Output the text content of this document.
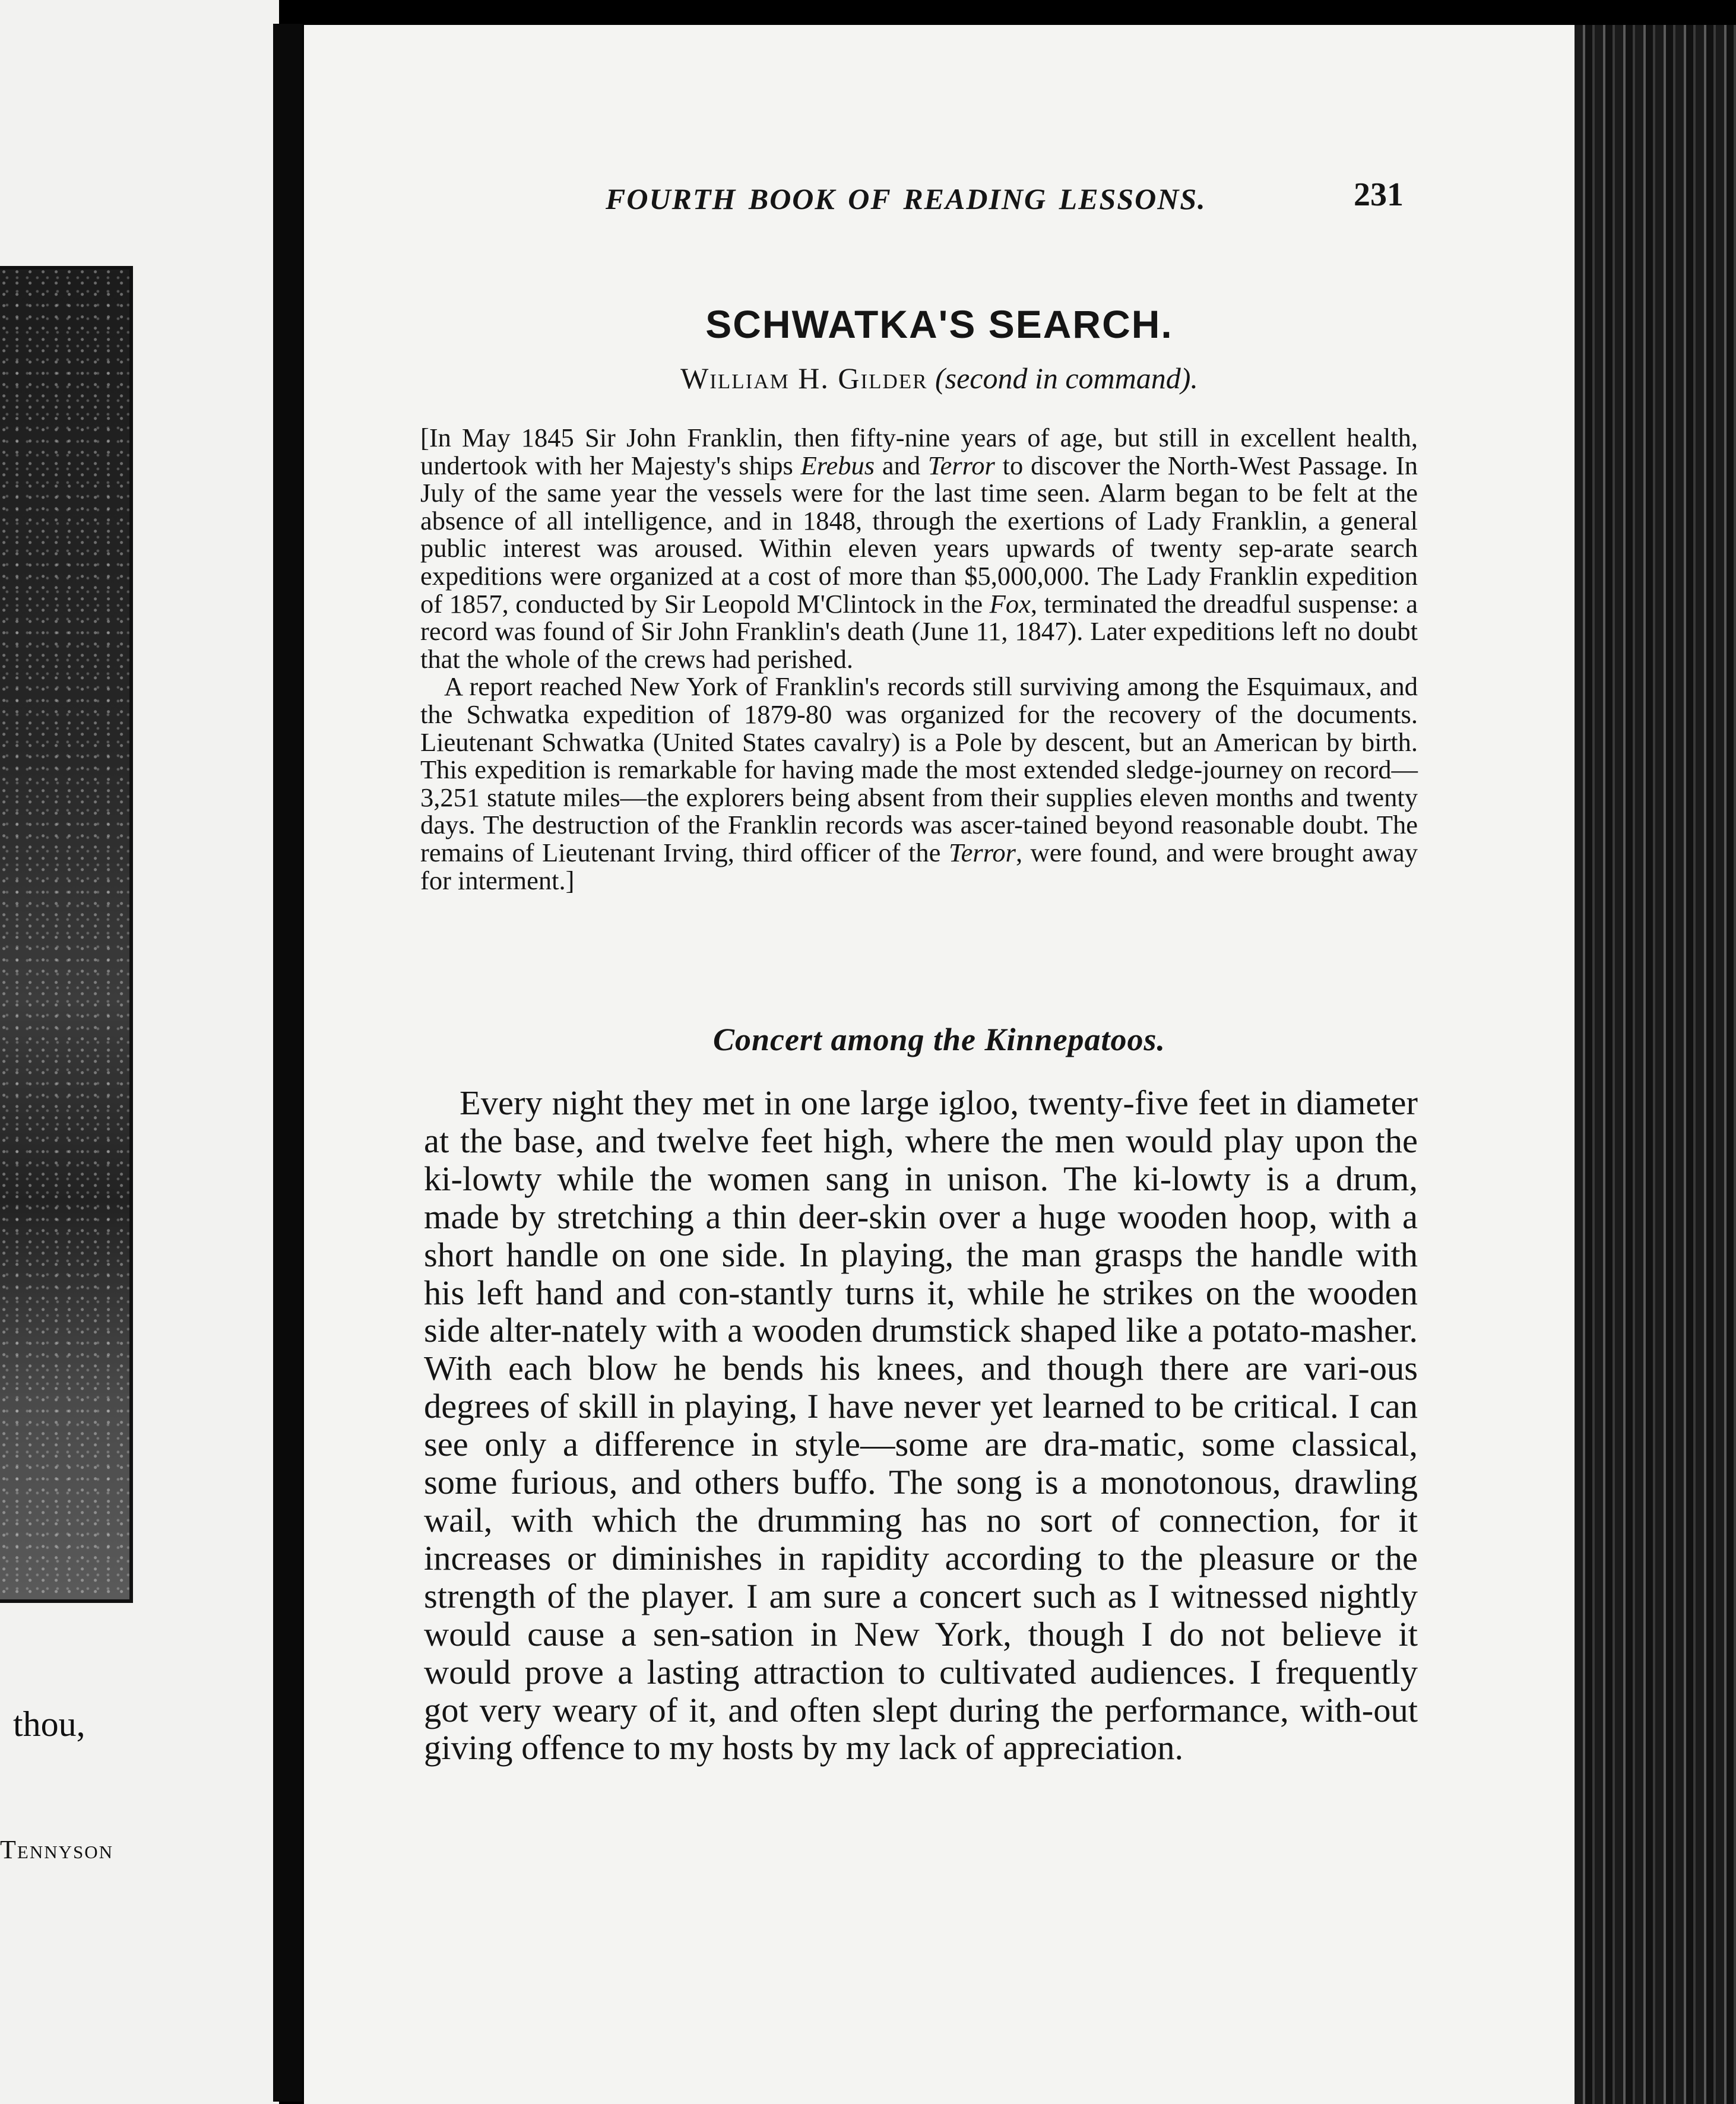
thou,
Tennyson
FOURTH BOOK OF READING LESSONS.	231
SCHWATKA'S SEARCH.
William H. Gilder (second in command).

[In May 1845 Sir John Franklin, then fifty-nine years of age, but still in excellent health, undertook with her Majesty's ships Erebus and Terror to discover the North-West Passage. In July of the same year the vessels were for the last time seen. Alarm began to be felt at the absence of all intelligence, and in 1848, through the exertions of Lady Franklin, a general public interest was aroused. Within eleven years upwards of twenty sep-arate search expeditions were organized at a cost of more than $5,000,000. The Lady Franklin expedition of 1857, conducted by Sir Leopold M'Clintock in the Fox, terminated the dreadful suspense: a record was found of Sir John Franklin's death (June 11, 1847). Later expeditions left no doubt that the whole of the crews had perished.

A report reached New York of Franklin's records still surviving among the Esquimaux, and the Schwatka expedition of 1879-80 was organized for the recovery of the documents. Lieutenant Schwatka (United States cavalry) is a Pole by descent, but an American by birth. This expedition is remarkable for having made the most extended sledge-journey on record—3,251 statute miles—the explorers being absent from their supplies eleven months and twenty days. The destruction of the Franklin records was ascer-tained beyond reasonable doubt. The remains of Lieutenant Irving, third officer of the Terror, were found, and were brought away for interment.]

Concert among the Kinnepatoos.

Every night they met in one large igloo, twenty-five feet in diameter at the base, and twelve feet high, where the men would play upon the ki-lowty while the women sang in unison. The ki-lowty is a drum, made by stretching a thin deer-skin over a huge wooden hoop, with a short handle on one side. In playing, the man grasps the handle with his left hand and con-stantly turns it, while he strikes on the wooden side alter-nately with a wooden drumstick shaped like a potato-masher. With each blow he bends his knees, and though there are vari-ous degrees of skill in playing, I have never yet learned to be critical. I can see only a difference in style—some are dra-matic, some classical, some furious, and others buffo. The song is a monotonous, drawling wail, with which the drumming has no sort of connection, for it increases or diminishes in rapidity according to the pleasure or the strength of the player. I am sure a concert such as I witnessed nightly would cause a sen-sation in New York, though I do not believe it would prove a lasting attraction to cultivated audiences. I frequently got very weary of it, and often slept during the performance, with-out giving offence to my hosts by my lack of appreciation.
